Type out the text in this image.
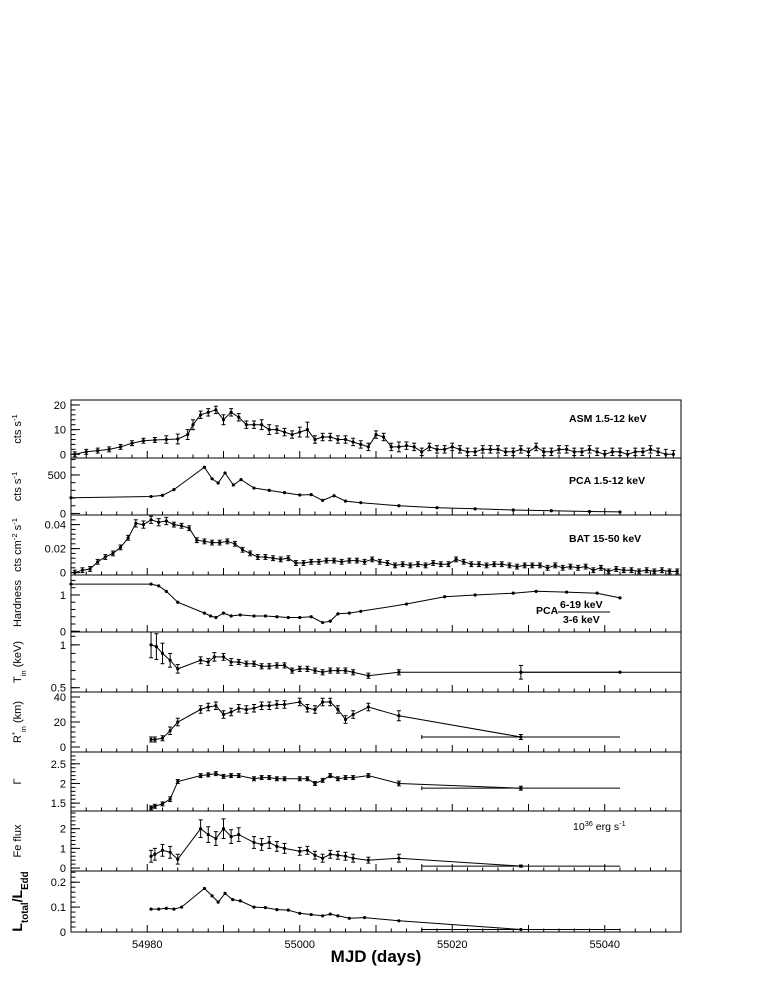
0
10
20
cts $s^{-1}$	ASM 1.5-12 keV
0
500
cts $s^{-1}$	PCA 1.5-12 keV
0
0.02
0.04
cts $cm^{-2}$ $s^{-1}$
BAT 15-50 keV
0
1
Hardness	PCA 6-19 keV
3-6 keV
0.5
1
$T_{in}$ (keV)
0
20
40
$R^*_{in}$ (km)
1.5
2
2.5
Γ
0
1
2
Fe flux	$10^{36}$ erg $s^{-1}$
0
0.1
0.2
$L_{total}/L_{Edd}$
54980	55000	55020	55040
MJD (days)
